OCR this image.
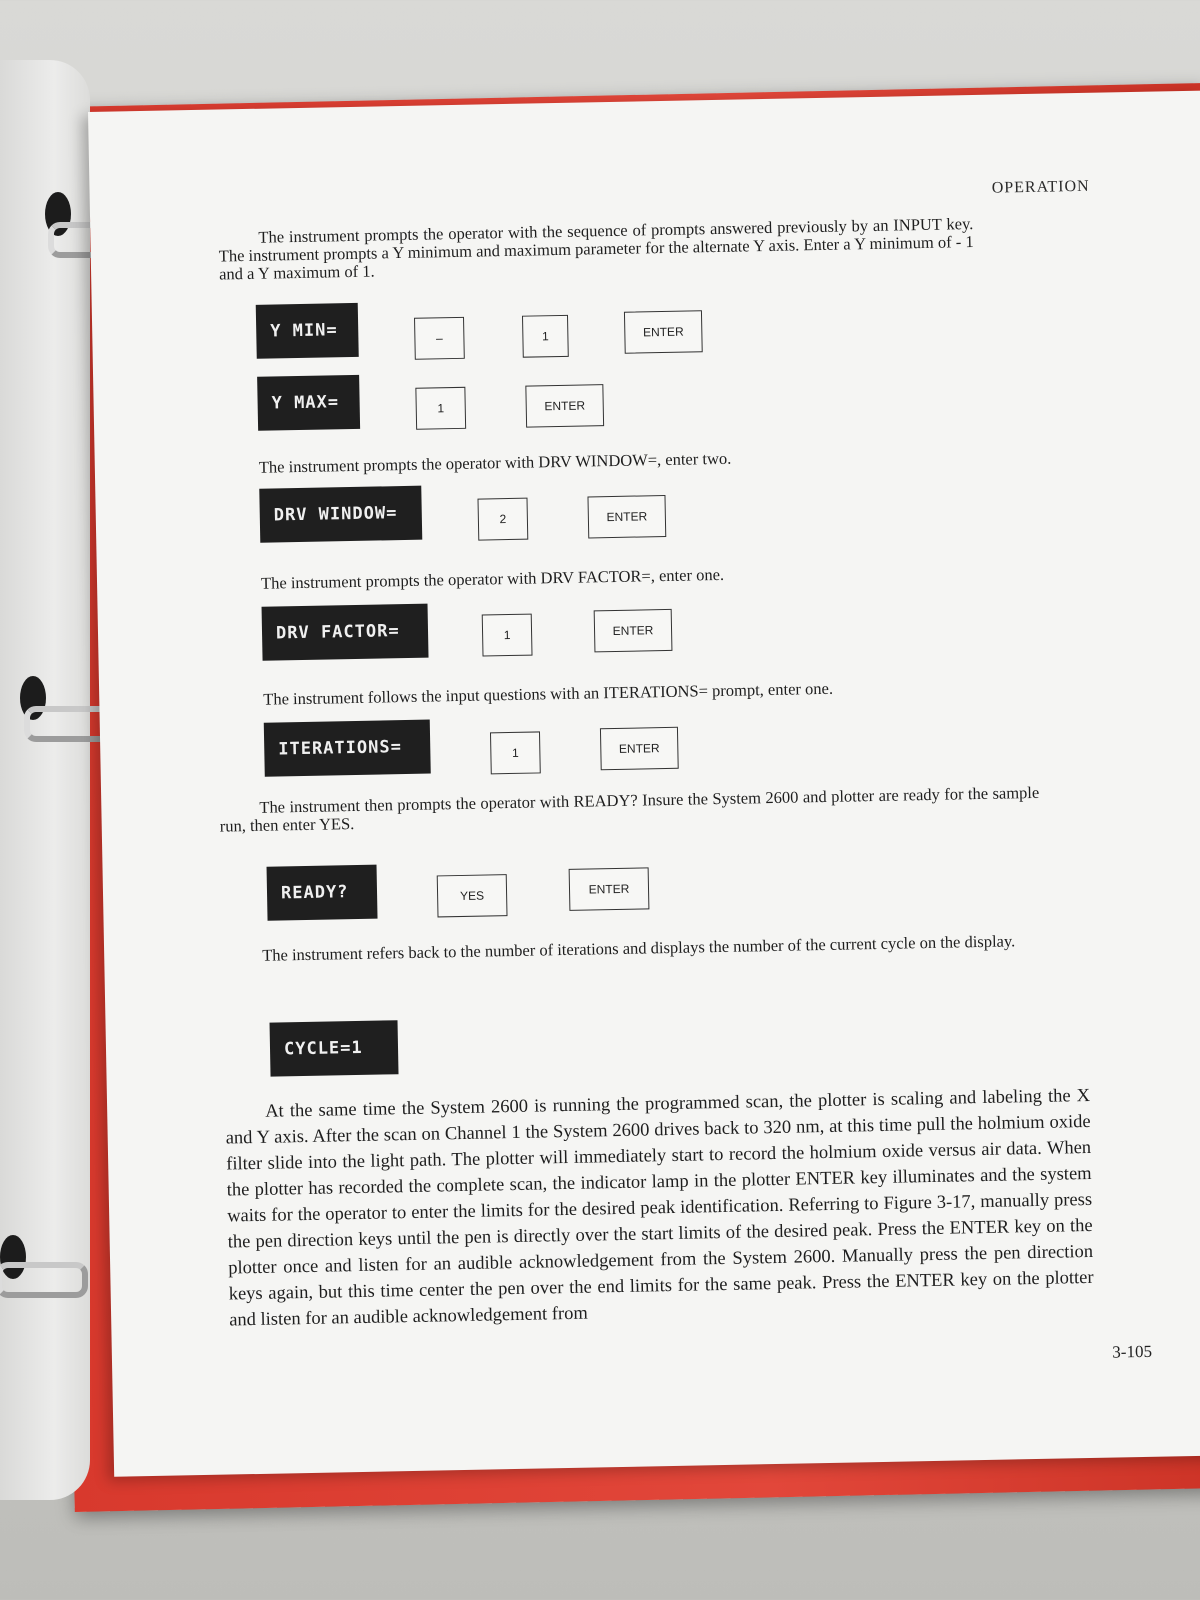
OPERATION
The instrument prompts the operator with the sequence of prompts answered previously by an INPUT key. The instrument prompts a Y minimum and maximum parameter for the alternate Y axis. Enter a Y minimum of - 1 and a Y maximum of 1.
Y MIN=	–	1	ENTER
Y MAX=	1	ENTER
The instrument prompts the operator with DRV WINDOW=, enter two.
DRV WINDOW=	2	ENTER
The instrument prompts the operator with DRV FACTOR=, enter one.
DRV FACTOR=	1	ENTER
The instrument follows the input questions with an ITERATIONS= prompt, enter one.
ITERATIONS=	1	ENTER
The instrument then prompts the operator with READY? Insure the System 2600 and plotter are ready for the sample run, then enter YES.
READY?	YES	ENTER
The instrument refers back to the number of iterations and displays the number of the current cycle on the display.
CYCLE=1
At the same time the System 2600 is running the programmed scan, the plotter is scaling and labeling the X and Y axis. After the scan on Channel 1 the System 2600 drives back to 320 nm, at this time pull the holmium oxide filter slide into the light path. The plotter will immediately start to record the holmium oxide versus air data. When the plotter has recorded the complete scan, the indicator lamp in the plotter ENTER key illuminates and the system waits for the operator to enter the limits for the desired peak identification. Referring to Figure 3-17, manually press the pen direction keys until the pen is directly over the start limits of the desired peak. Press the ENTER key on the plotter once and listen for an audible acknowledgement from the System 2600. Manually press the pen direction keys again, but this time center the pen over the end limits for the same peak. Press the ENTER key on the plotter and listen for an audible acknowledgement from
3-105
